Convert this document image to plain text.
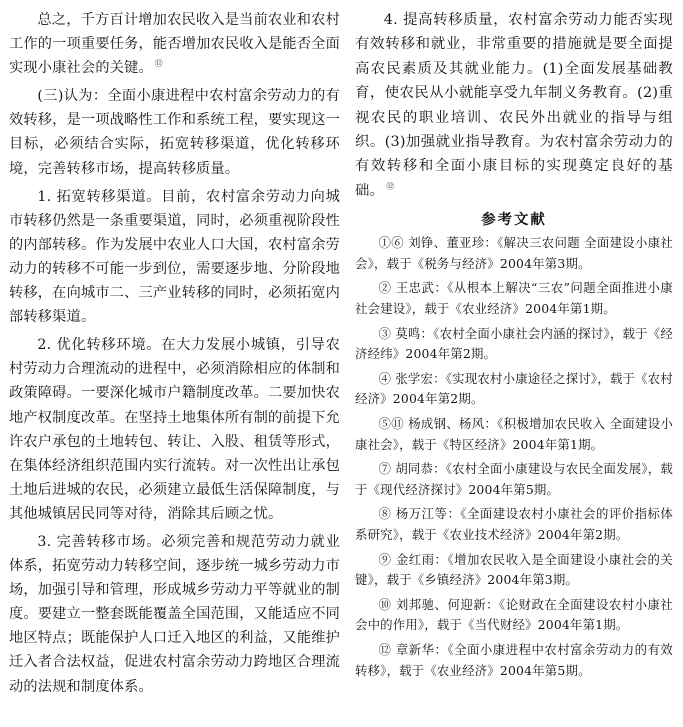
总之，千方百计增加农民收入是当前农业和农村工作的一项重要任务，能否增加农民收入是能否全面实现小康社会的关键。 ⑪

(三)认为：全面小康进程中农村富余劳动力的有效转移，是一项战略性工作和系统工程，要实现这一目标，必须结合实际，拓宽转移渠道，优化转移环境，完善转移市场，提高转移质量。

1. 拓宽转移渠道。目前，农村富余劳动力向城市转移仍然是一条重要渠道，同时，必须重视阶段性的内部转移。作为发展中农业人口大国，农村富余劳动力的转移不可能一步到位，需要逐步地、分阶段地转移，在向城市二、三产业转移的同时，必须拓宽内部转移渠道。

2. 优化转移环境。在大力发展小城镇，引导农村劳动力合理流动的进程中，必须消除相应的体制和政策障碍。一要深化城市户籍制度改革。二要加快农地产权制度改革。在坚持土地集体所有制的前提下允许农户承包的土地转包、转让、入股、租赁等形式，在集体经济组织范围内实行流转。对一次性出让承包土地后进城的农民，必须建立最低生活保障制度，与其他城镇居民同等对待，消除其后顾之忧。

3. 完善转移市场。必须完善和规范劳动力就业体系，拓宽劳动力转移空间，逐步统一城乡劳动力市场，加强引导和管理，形成城乡劳动力平等就业的制度。要建立一整套既能覆盖全国范围，又能适应不同地区特点；既能保护人口迁入地区的利益，又能维护迁入者合法权益，促进农村富余劳动力跨地区合理流动的法规和制度体系。

4. 提高转移质量，农村富余劳动力能否实现有效转移和就业，非常重要的措施就是要全面提高农民素质及其就业能力。(1)全面发展基础教育，使农民从小就能享受九年制义务教育。(2)重视农民的职业培训、农民外出就业的指导与组织。(3)加强就业指导教育。为农村富余劳动力的有效转移和全面小康目标的实现奠定良好的基础。 ⑫

参考文献

①⑥ 刘铮、董亚珍：《解决三农问题 全面建设小康社会》，载于《税务与经济》2004年第3期。

② 王忠武：《从根本上解决“三农”问题全面推进小康社会建设》，载于《农业经济》2004年第1期。

③ 莫鸣：《农村全面小康社会内涵的探讨》，载于《经济经纬》2004年第2期。

④ 张学宏：《实现农村小康途径之探讨》，载于《农村经济》2004年第2期。

⑤⑪ 杨成钢、杨风：《积极增加农民收入 全面建设小康社会》，载于《特区经济》2004年第1期。

⑦ 胡同恭：《农村全面小康建设与农民全面发展》，载于《现代经济探讨》2004年第5期。

⑧ 杨万江等：《全面建设农村小康社会的评价指标体系研究》，载于《农业技术经济》2004年第2期。

⑨ 金红雨：《增加农民收入是全面建设小康社会的关键》，载于《乡镇经济》2004年第3期。

⑩ 刘邦驰、何迎新：《论财政在全面建设农村小康社会中的作用》，载于《当代财经》2004年第1期。

⑫ 章新华：《全面小康进程中农村富余劳动力的有效转移》，载于《农业经济》2004年第5期。
